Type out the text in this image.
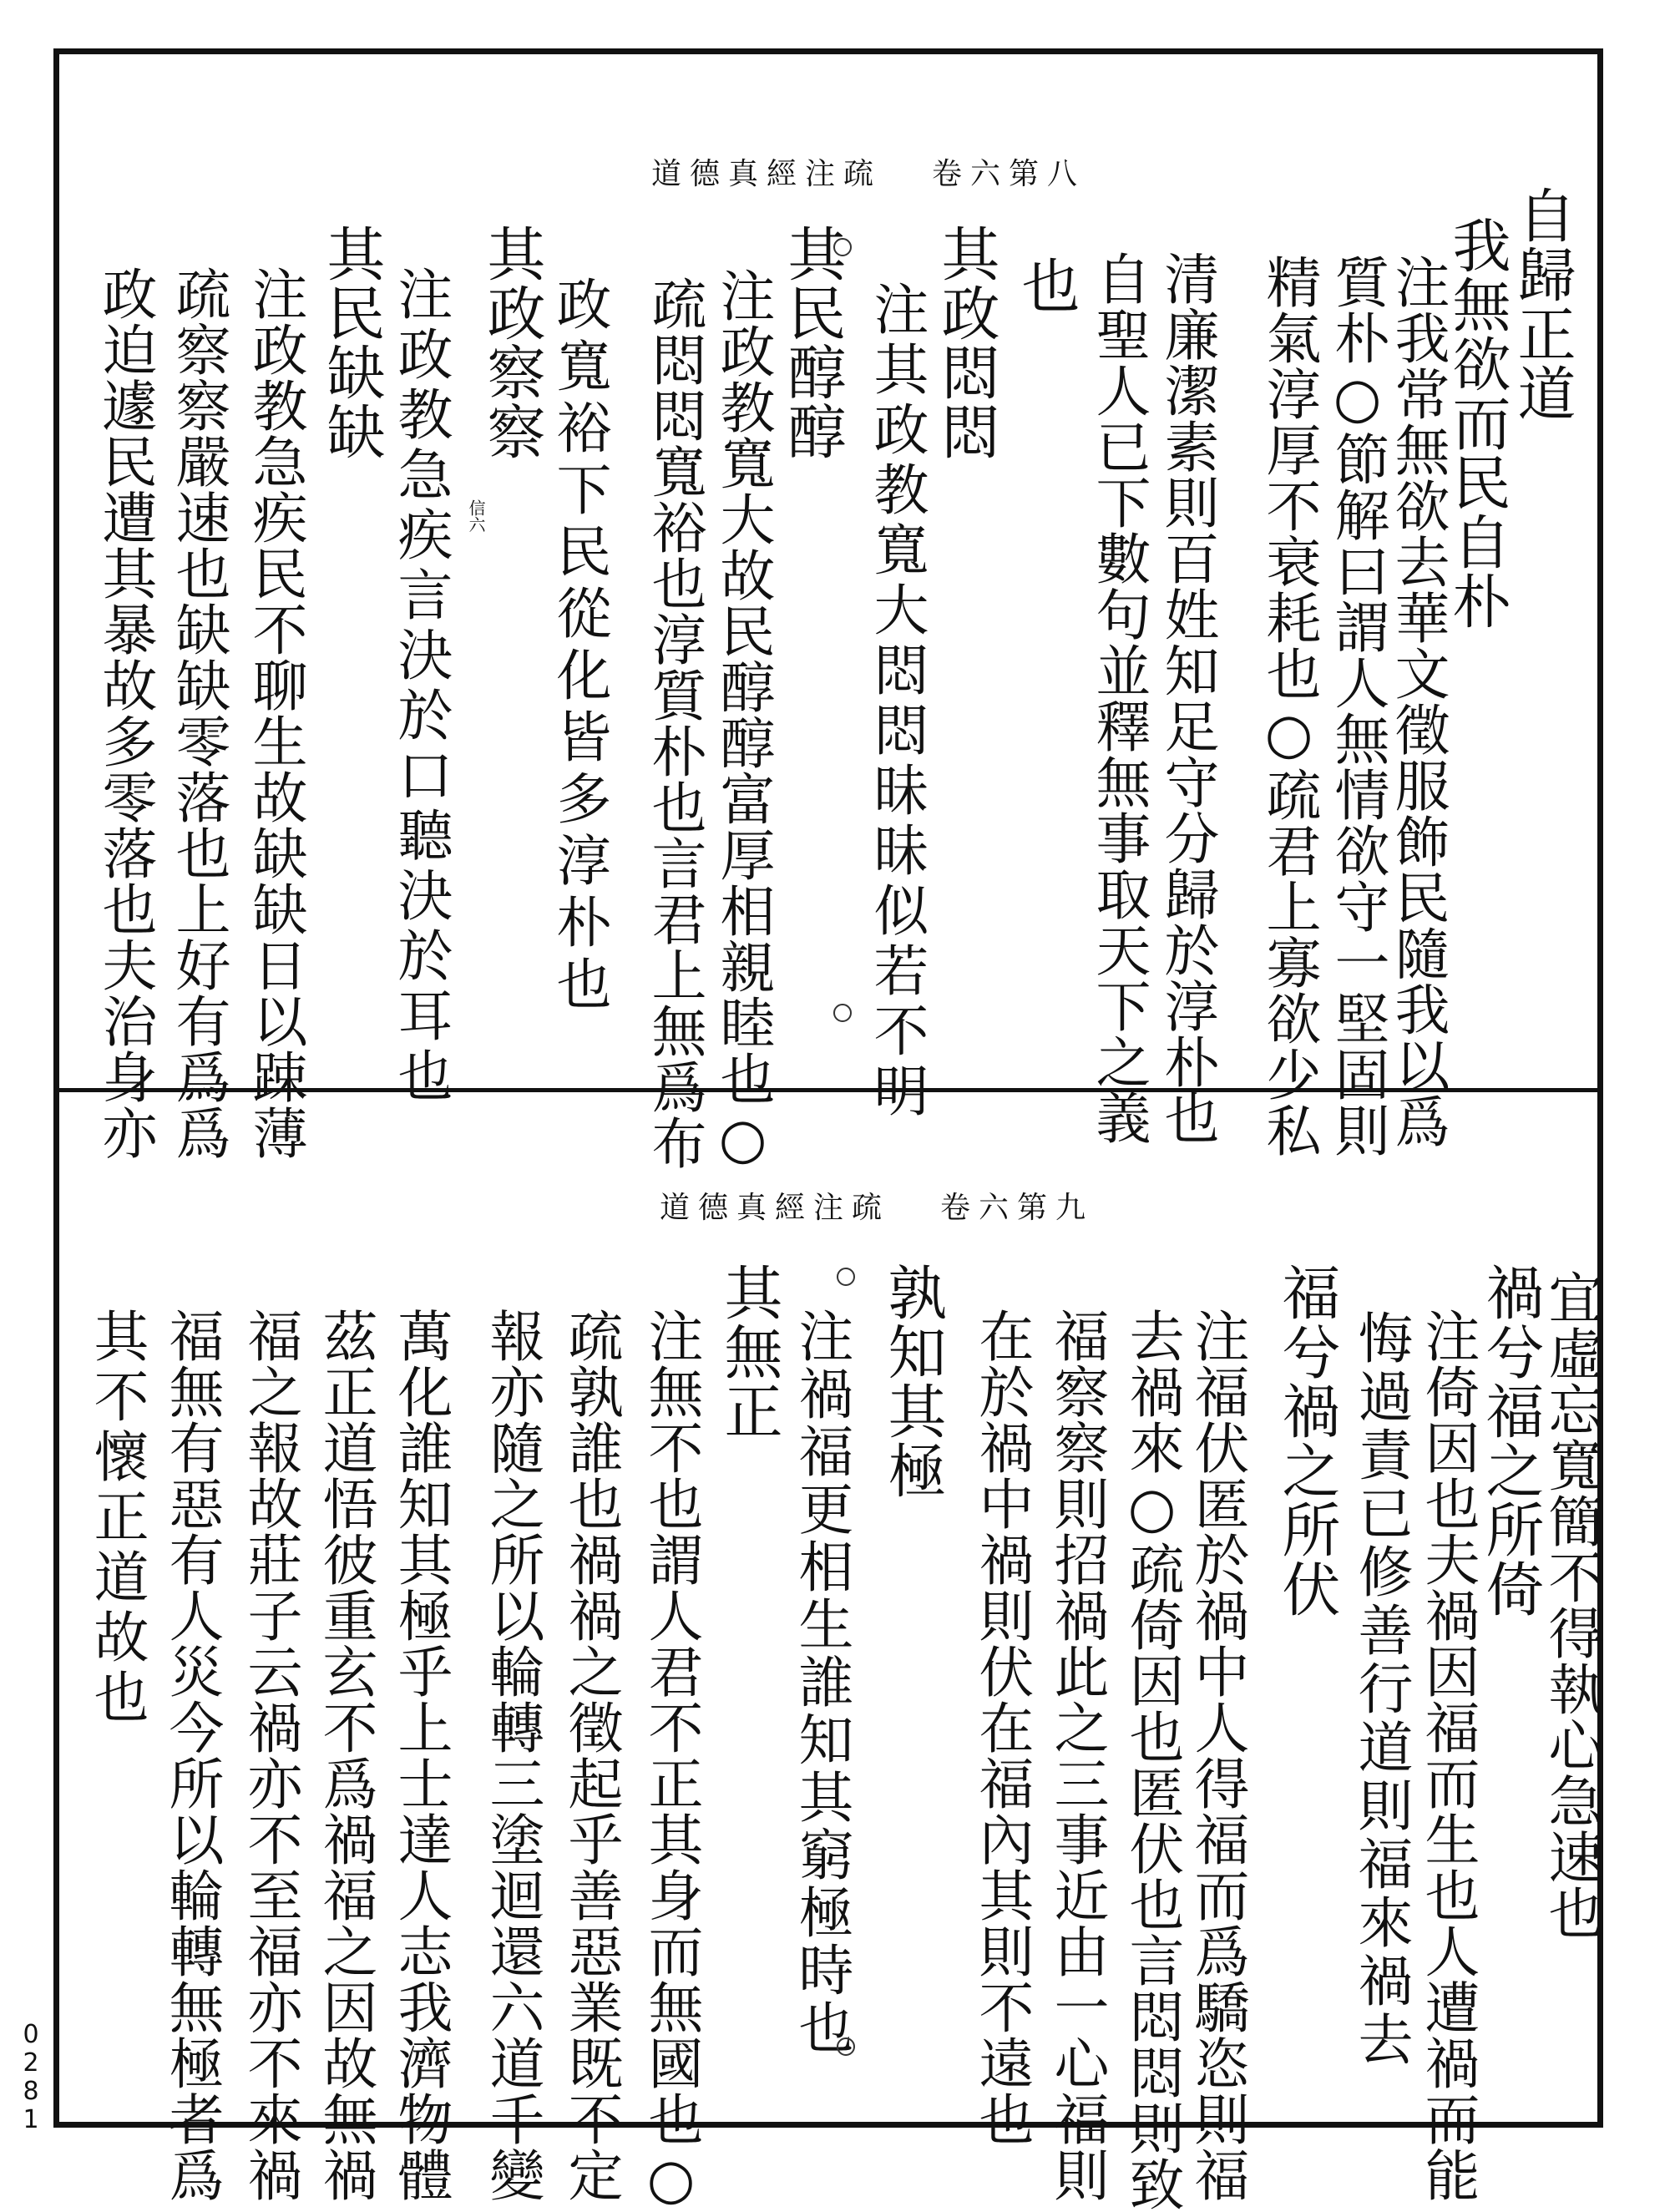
道德真經注疏 卷六第八
自歸正道
我無欲而民自朴
注我常無欲去華文徵服飾民隨我以爲
質朴○節解曰謂人無情欲守一堅固則
精氣淳厚不衰耗也○疏君上寡欲少私
清廉潔素則百姓知足守分歸於淳朴也
自聖人已下數句並釋無事取天下之義
也
其政悶悶
注其政教寬大悶悶昧昧似若不明
其民醇醇
注政教寬大故民醇醇富厚相親睦也○
疏悶悶寬裕也淳質朴也言君上無爲布
政寬裕下民從化皆多淳朴也
其政察察
注政教急疾言決於口聽決於耳也
其民缺缺
注政教急疾民不聊生故缺缺日以踈薄
疏察察嚴速也缺缺零落也上好有爲爲
政迫遽民遭其暴故多零落也夫治身亦	信六
道德真經注疏 卷六第九
宜虛忘寬簡不得執心急速也
禍兮福之所倚
注倚因也夫禍因福而生也人遭禍而能
悔過責已修善行道則福來禍去
福兮禍之所伏
注福伏匿於禍中人得福而爲驕恣則福
去禍來○疏倚因也匿伏也言悶悶則致
福察察則招禍此之三事近由一心福則
在於禍中禍則伏在福內其則不遠也
孰知其極
注禍福更相生誰知其窮極時也
其無正
注無不也謂人君不正其身而無國也○
疏孰誰也禍禍之徵起乎善惡業既不定
報亦隨之所以輪轉三塗迴還六道千變
萬化誰知其極乎上士達人志我濟物體
茲正道悟彼重玄不爲禍福之因故無禍
福之報故莊子云禍亦不至福亦不來禍
福無有惡有人災今所以輪轉無極者爲
其不懷正道故也
0281
